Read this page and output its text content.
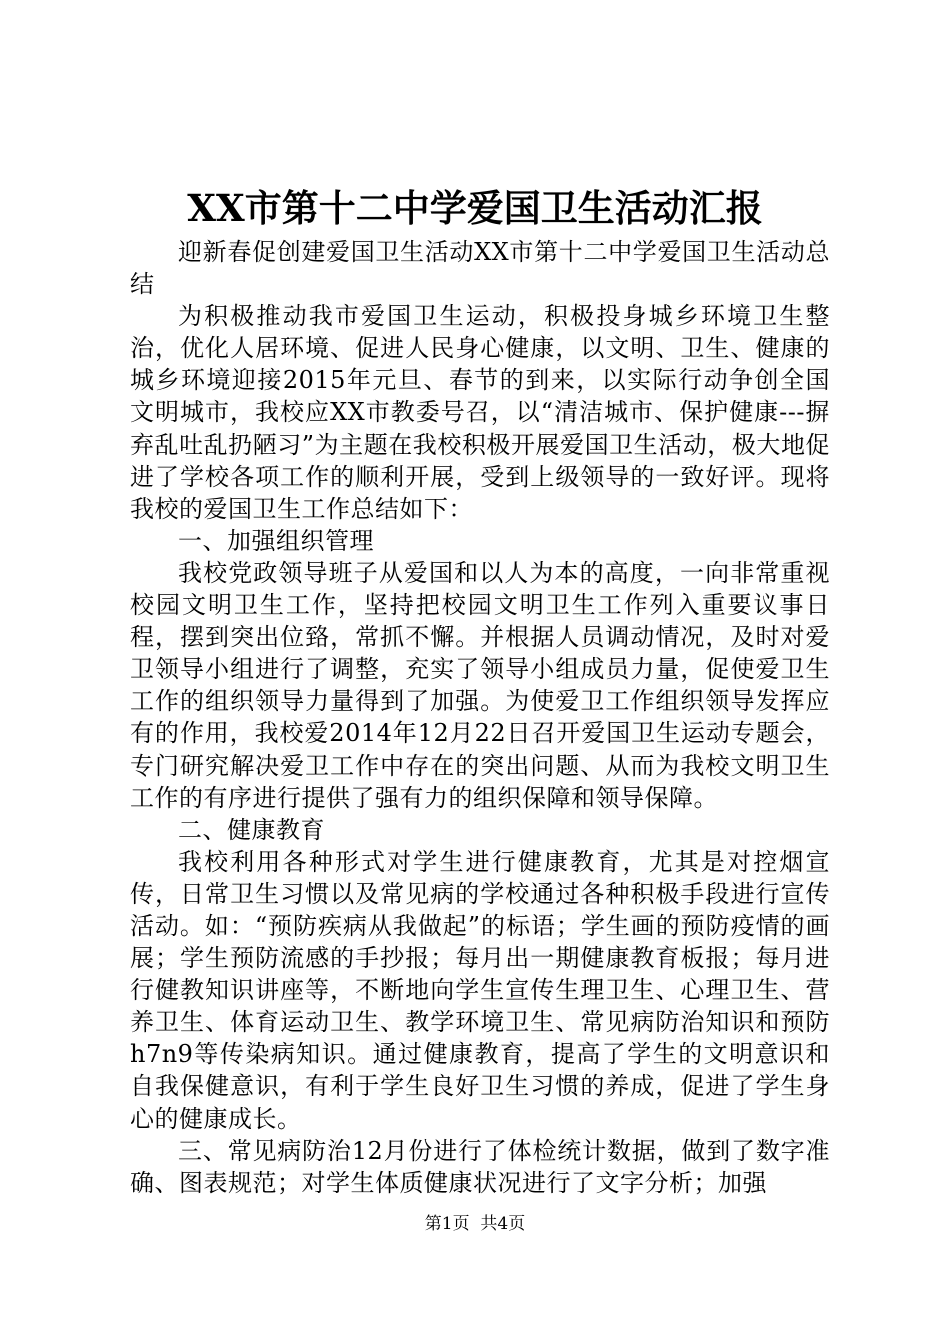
XX市第十二中学爱国卫生活动汇报

迎新春促创建爱国卫生活动XX市第十二中学爱国卫生活动总结

为积极推动我市爱国卫生运动，积极投身城乡环境卫生整治，优化人居环境、促进人民身心健康，以文明、卫生、健康的城乡环境迎接2015年元旦、春节的到来，以实际行动争创全国文明城市，我校应XX市教委号召，以“清洁城市、保护健康---摒弃乱吐乱扔陋习”为主题在我校积极开展爱国卫生活动，极大地促进了学校各项工作的顺利开展，受到上级领导的一致好评。现将我校的爱国卫生工作总结如下：

一、加强组织管理

我校党政领导班子从爱国和以人为本的高度，一向非常重视校园文明卫生工作，坚持把校园文明卫生工作列入重要议事日程，摆到突出位臵，常抓不懈。并根据人员调动情况，及时对爱卫领导小组进行了调整，充实了领导小组成员力量，促使爱卫生工作的组织领导力量得到了加强。为使爱卫工作组织领导发挥应有的作用，我校爱2014年12月22日召开爱国卫生运动专题会，专门研究解决爱卫工作中存在的突出问题、从而为我校文明卫生工作的有序进行提供了强有力的组织保障和领导保障。

二、健康教育

我校利用各种形式对学生进行健康教育，尤其是对控烟宣传，日常卫生习惯以及常见病的学校通过各种积极手段进行宣传活动。如：“预防疾病从我做起”的标语；学生画的预防疫情的画展；学生预防流感的手抄报；每月出一期健康教育板报；每月进行健教知识讲座等，不断地向学生宣传生理卫生、心理卫生、营养卫生、体育运动卫生、教学环境卫生、常见病防治知识和预防h7n9等传染病知识。通过健康教育，提高了学生的文明意识和自我保健意识，有利于学生良好卫生习惯的养成，促进了学生身心的健康成长。

三、常见病防治12月份进行了体检统计数据，做到了数字准确、图表规范；对学生体质健康状况进行了文字分析；加强

第1页 共4页
